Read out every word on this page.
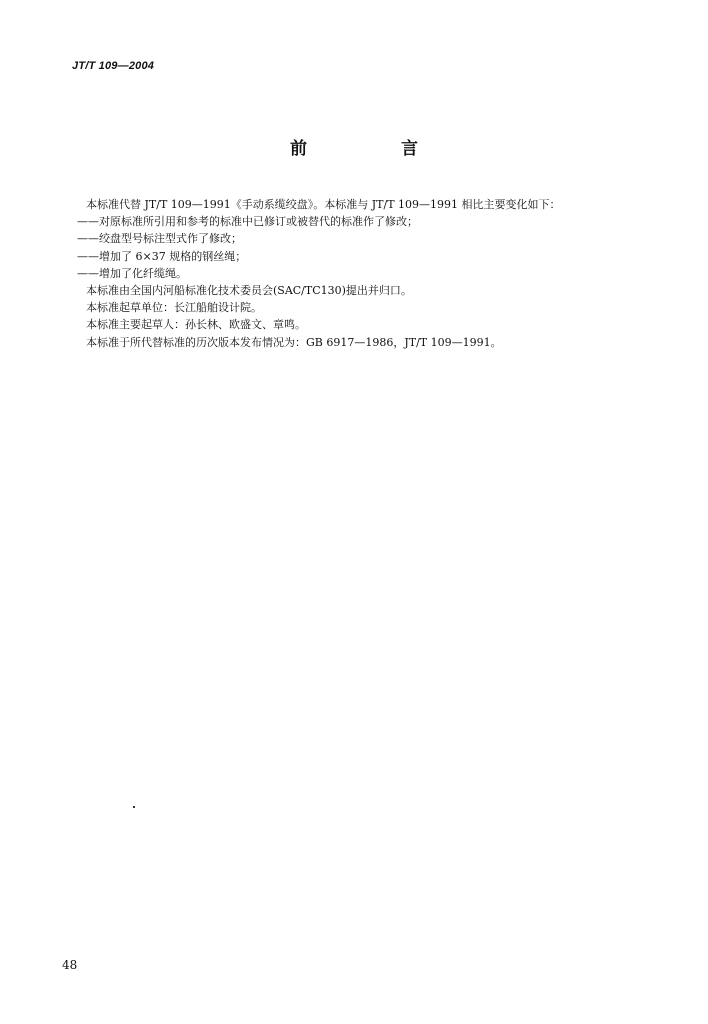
JT/T 109—2004
前 言
本标准代替 JT/T 109—1991《手动系缆绞盘》。本标准与 JT/T 109—1991 相比主要变化如下：
——对原标准所引用和参考的标准中已修订或被替代的标准作了修改；
——绞盘型号标注型式作了修改；
——增加了 6×37 规格的钢丝绳；
——增加了化纤缆绳。
本标准由全国内河船标准化技术委员会(SAC/TC130)提出并归口。
本标准起草单位：长江船舶设计院。
本标准主要起草人：孙长林、欧盛文、章鸣。
本标准于所代替标准的历次版本发布情况为：GB 6917—1986，JT/T 109—1991。
48
